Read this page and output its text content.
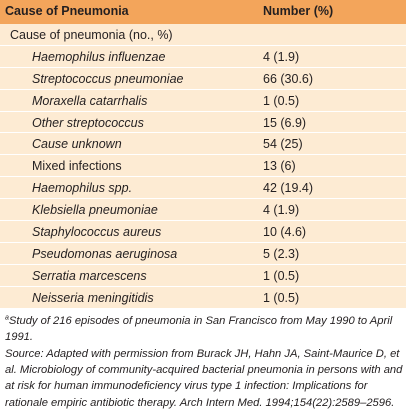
Cause of Pneumonia	Number (%)
Cause of pneumonia (no., %)
Haemophilus influenzae	4 (1.9)
Streptococcus pneumoniae	66 (30.6)
Moraxella catarrhalis	1 (0.5)
Other streptococcus	15 (6.9)
Cause unknown	54 (25)
Mixed infections	13 (6)
Haemophilus spp.	42 (19.4)
Klebsiella pneumoniae	4 (1.9)
Staphylococcus aureus	10 (4.6)
Pseudomonas aeruginosa	5 (2.3)
Serratia marcescens	1 (0.5)
Neisseria meningitidis	1 (0.5)
$^a$Study of 216 episodes of pneumonia in San Francisco from May 1990 to April 1991.
Source: Adapted with permission from Burack JH, Hahn JA, Saint-Maurice D, et al. Microbiology of community-acquired bacterial pneumonia in persons with and at risk for human immunodeficiency virus type 1 infection: Implications for rationale empiric antibiotic therapy. Arch Intern Med. 1994;154(22):2589–2596.
